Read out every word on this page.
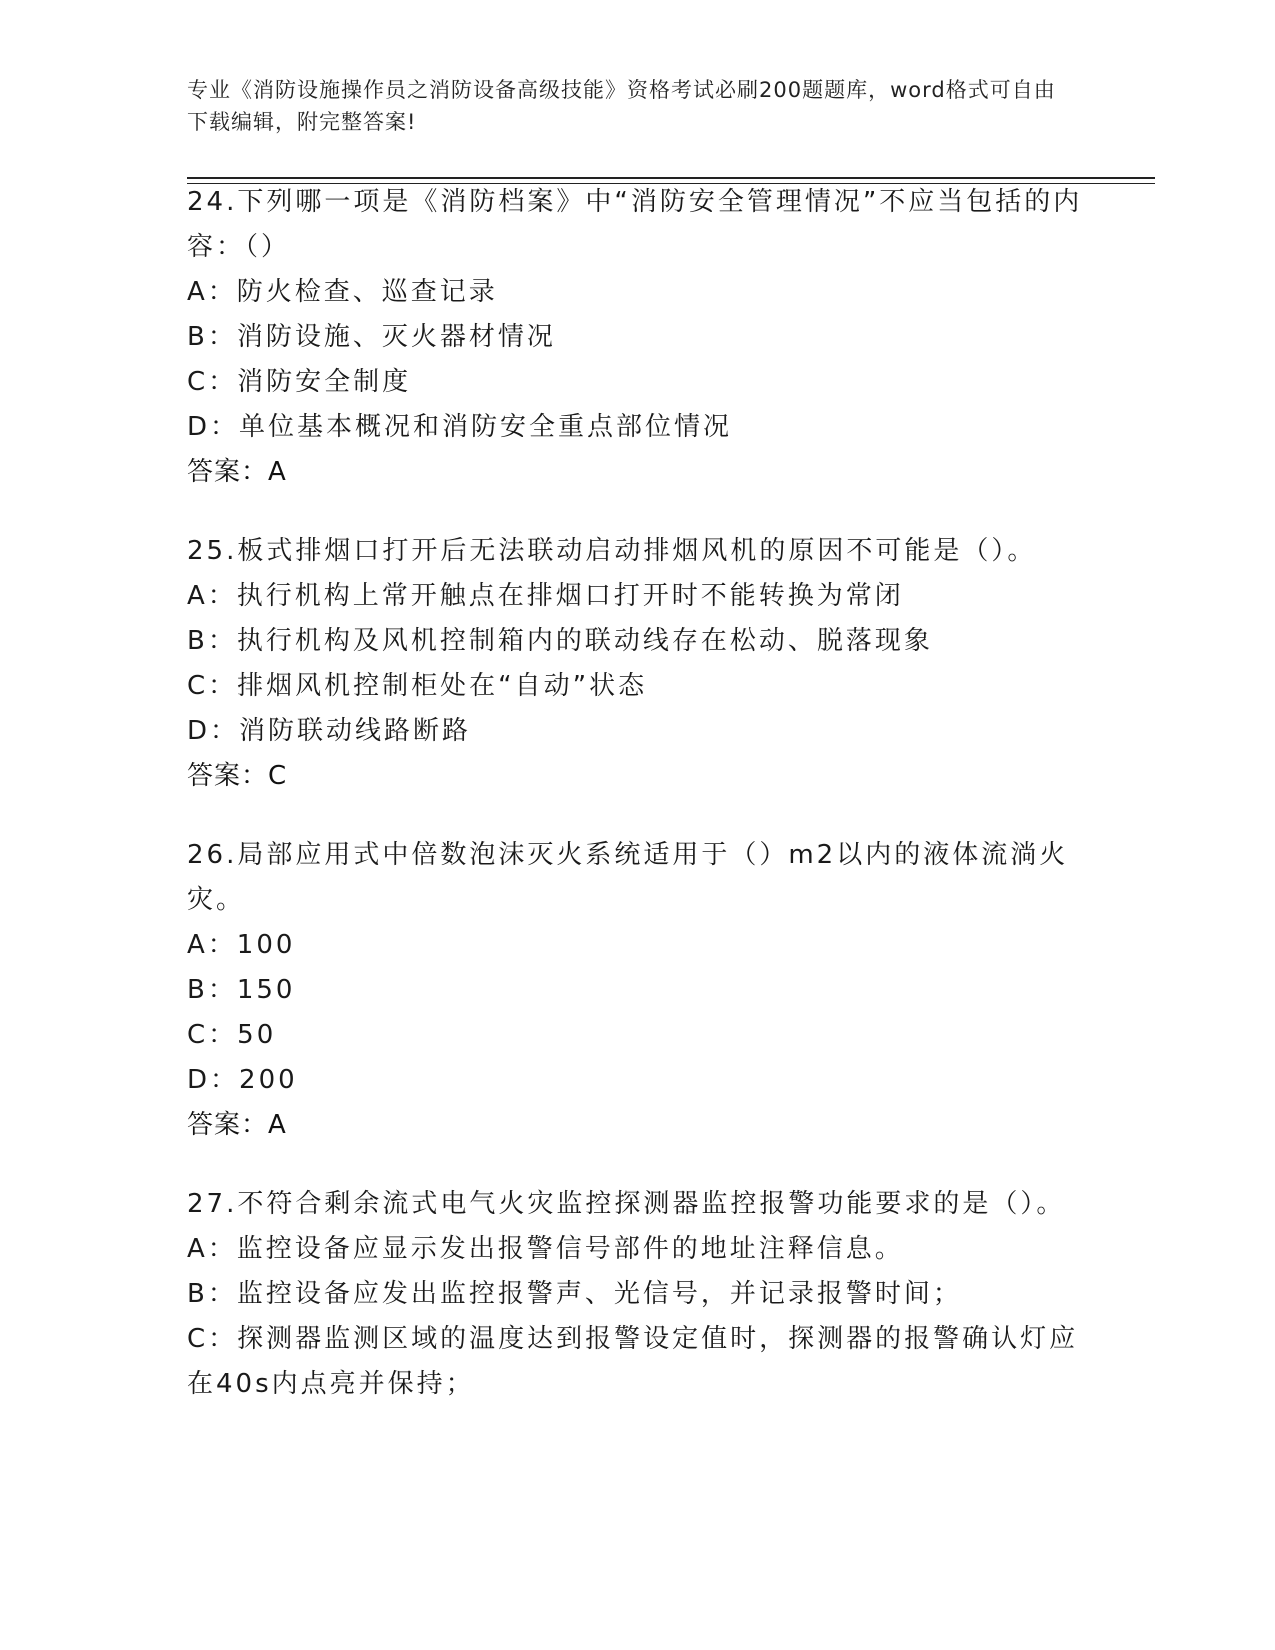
专业《消防设施操作员之消防设备高级技能》资格考试必刷200题题库，word格式可自由下载编辑，附完整答案!

24.下列哪一项是《消防档案》中“消防安全管理情况”不应当包括的内容：（）

A：防火检查、巡查记录

B：消防设施、灭火器材情况

C：消防安全制度

D：单位基本概况和消防安全重点部位情况

答案：A

25.板式排烟口打开后无法联动启动排烟风机的原因不可能是（）。

A：执行机构上常开触点在排烟口打开时不能转换为常闭

B：执行机构及风机控制箱内的联动线存在松动、脱落现象

C：排烟风机控制柜处在“自动”状态

D：消防联动线路断路

答案：C

26.局部应用式中倍数泡沫灭火系统适用于（）m2以内的液体流淌火灾。

A：100

B：150

C：50

D：200

答案：A

27.不符合剩余流式电气火灾监控探测器监控报警功能要求的是（）。

A：监控设备应显示发出报警信号部件的地址注释信息。

B：监控设备应发出监控报警声、光信号，并记录报警时间；

C：探测器监测区域的温度达到报警设定值时，探测器的报警确认灯应在40s内点亮并保持；
